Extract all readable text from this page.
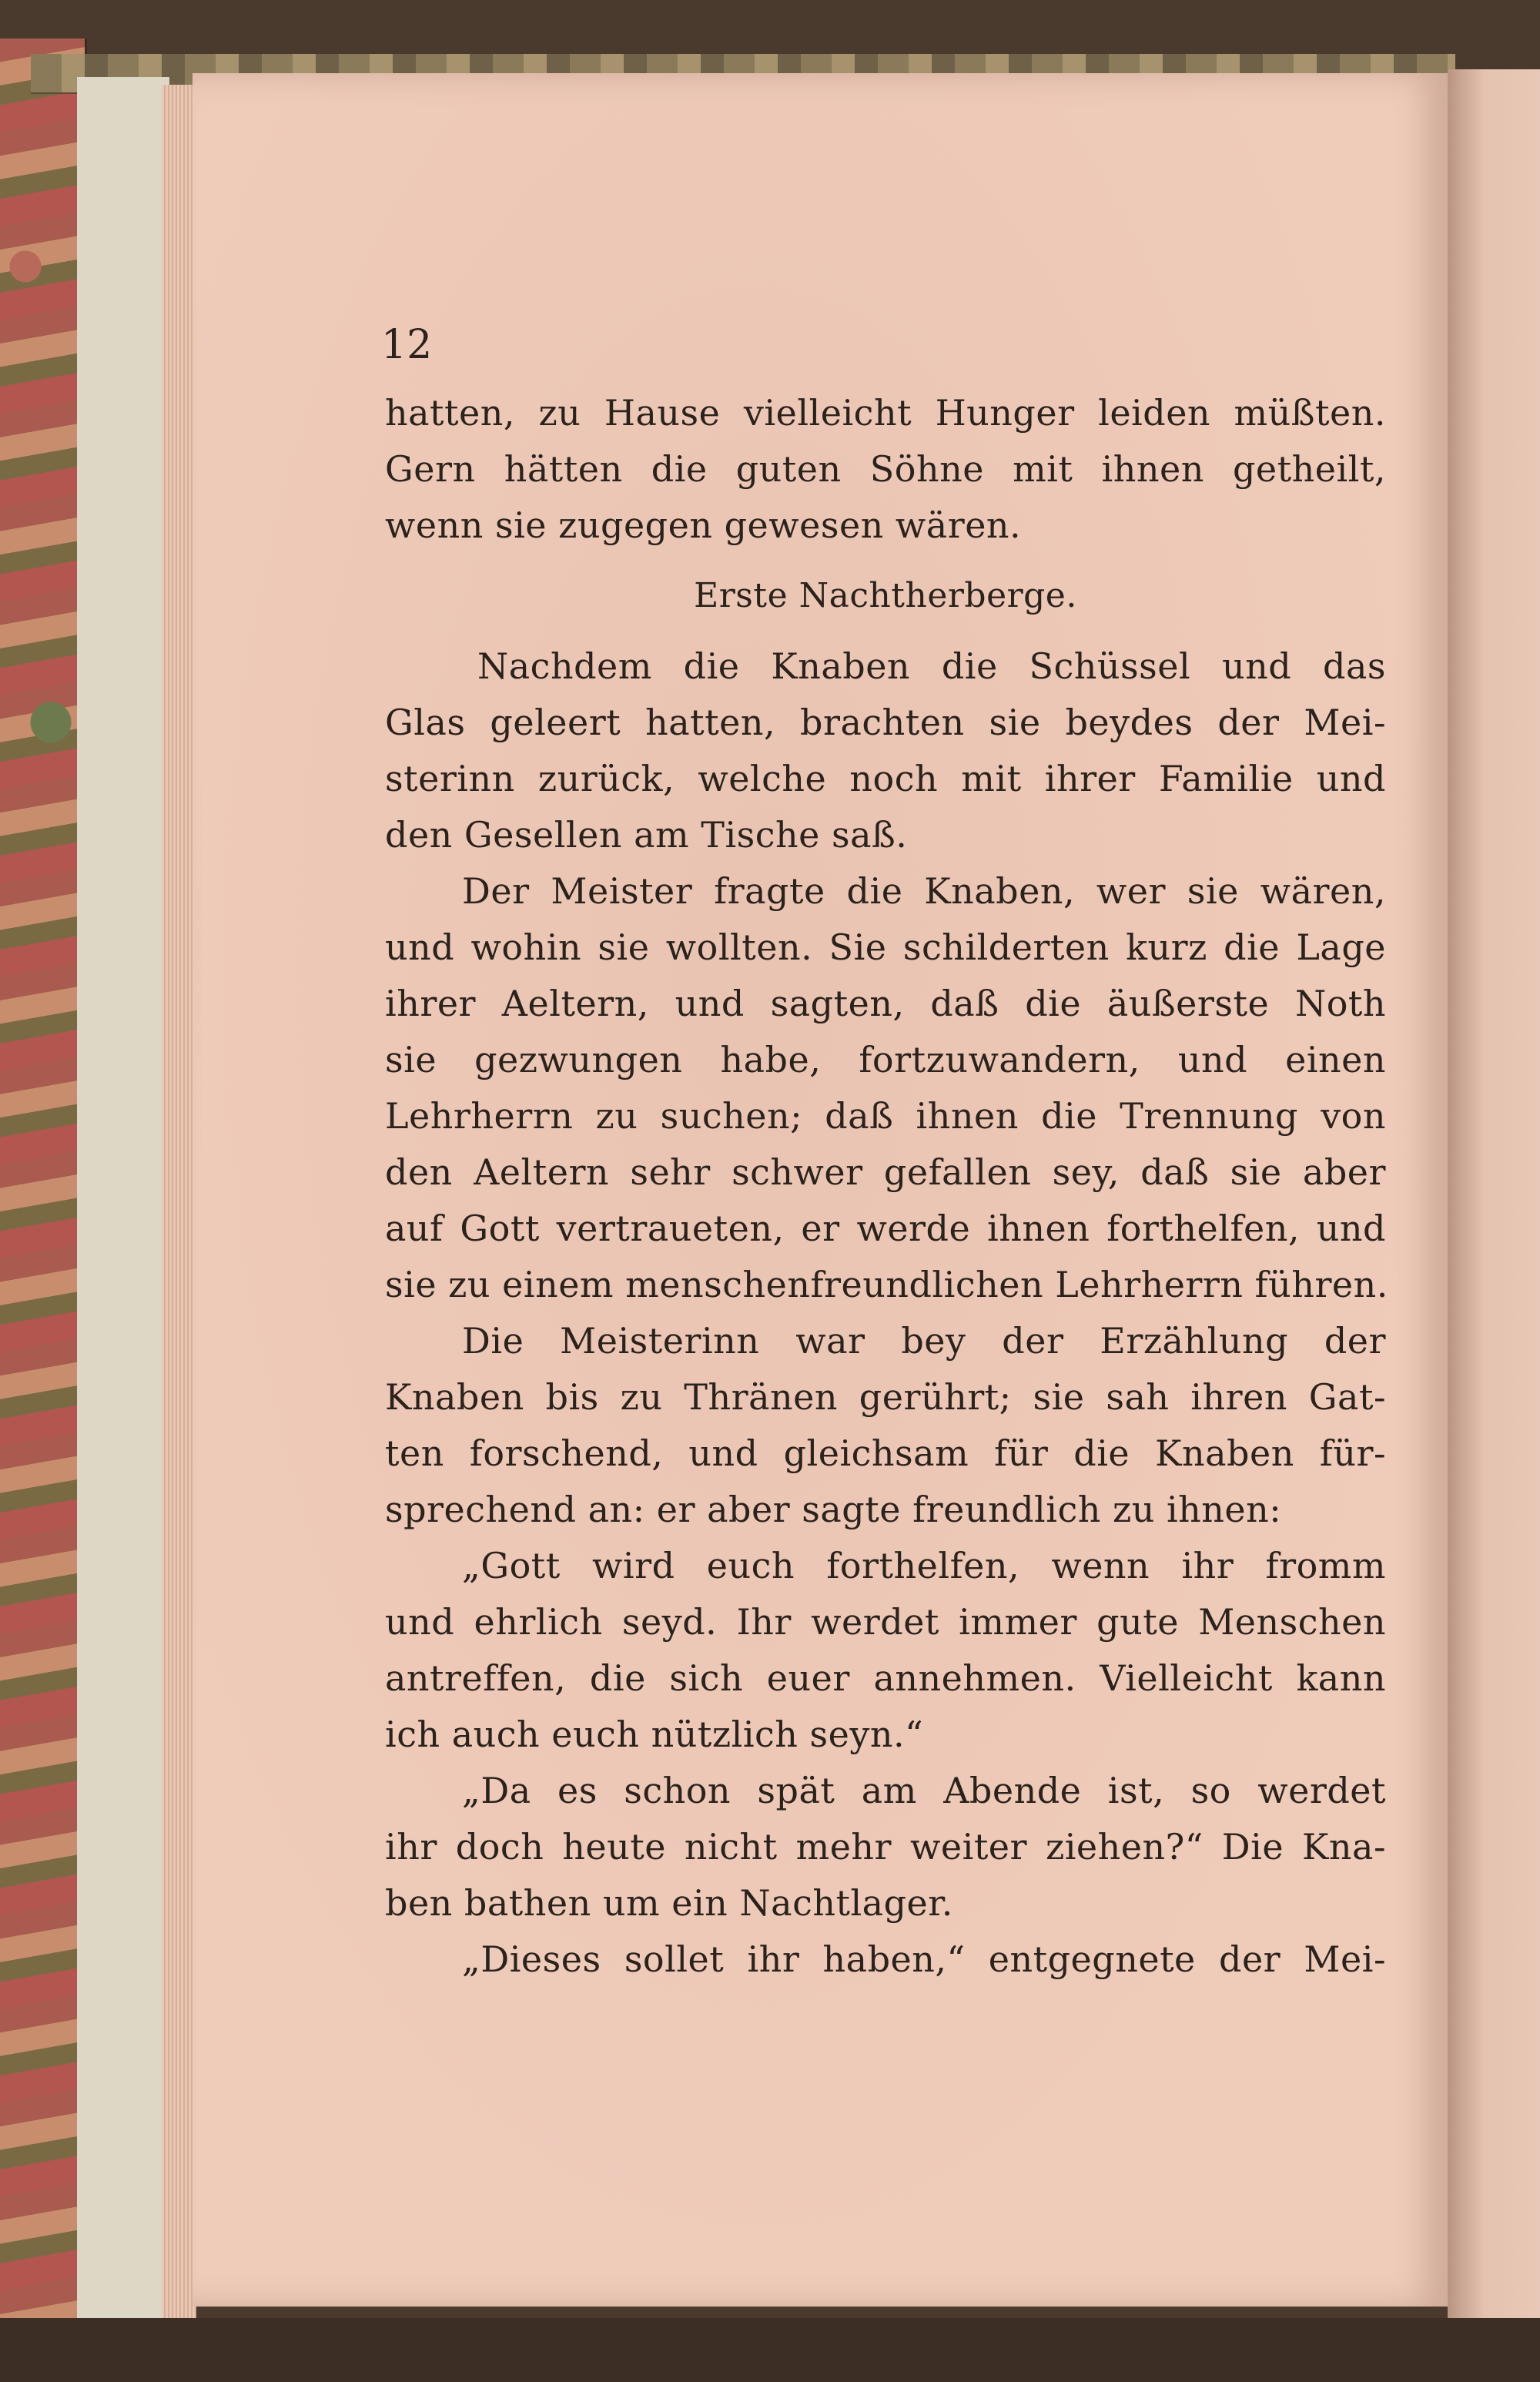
12
hatten, zu Hause vielleicht Hunger leiden müßten.
Gern hätten die guten Söhne mit ihnen getheilt,
wenn sie zugegen gewesen wären.
Erste Nachtherberge.
Nachdem die Knaben die Schüssel und das
Glas geleert hatten, brachten sie beydes der Mei-
sterinn zurück, welche noch mit ihrer Familie und
den Gesellen am Tische saß.
Der Meister fragte die Knaben, wer sie wären,
und wohin sie wollten. Sie schilderten kurz die Lage
ihrer Aeltern, und sagten, daß die äußerste Noth
sie gezwungen habe, fortzuwandern, und einen
Lehrherrn zu suchen; daß ihnen die Trennung von
den Aeltern sehr schwer gefallen sey, daß sie aber
auf Gott vertraueten, er werde ihnen forthelfen, und
sie zu einem menschenfreundlichen Lehrherrn führen.
Die Meisterinn war bey der Erzählung der
Knaben bis zu Thränen gerührt; sie sah ihren Gat-
ten forschend, und gleichsam für die Knaben für-
sprechend an: er aber sagte freundlich zu ihnen:
„Gott wird euch forthelfen, wenn ihr fromm
und ehrlich seyd. Ihr werdet immer gute Menschen
antreffen, die sich euer annehmen. Vielleicht kann
ich auch euch nützlich seyn.“
„Da es schon spät am Abende ist, so werdet
ihr doch heute nicht mehr weiter ziehen?“ Die Kna-
ben bathen um ein Nachtlager.
„Dieses sollet ihr haben,“ entgegnete der Mei-
